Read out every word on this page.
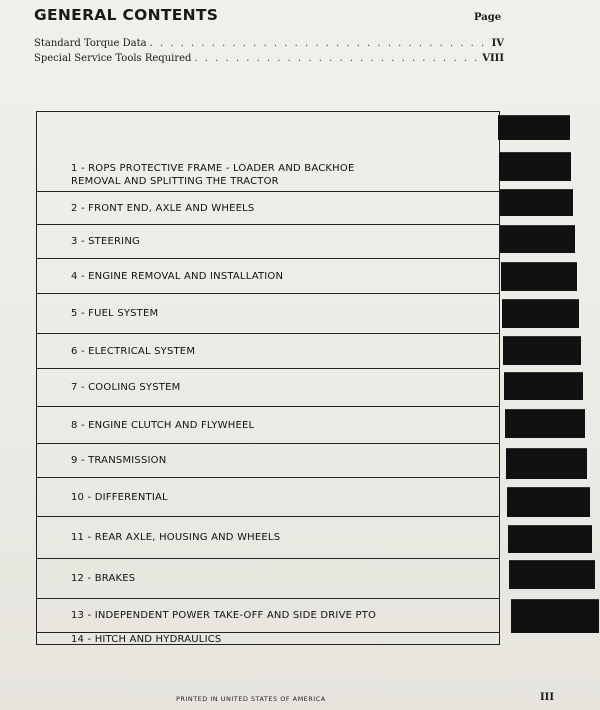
GENERAL CONTENTS	Page
Standard Torque Data . . .	IV
Special Service Tools Required . . .	VIII
1 - ROPS PROTECTIVE FRAME - LOADER AND BACKHOE
REMOVAL AND SPLITTING THE TRACTOR
2 - FRONT END, AXLE AND WHEELS
3 - STEERING
4 - ENGINE REMOVAL AND INSTALLATION
5 - FUEL SYSTEM
6 - ELECTRICAL SYSTEM
7 - COOLING SYSTEM
8 - ENGINE CLUTCH AND FLYWHEEL
9 - TRANSMISSION
10 - DIFFERENTIAL
11 - REAR AXLE, HOUSING AND WHEELS
12 - BRAKES
13 - INDEPENDENT POWER TAKE-OFF AND SIDE DRIVE PTO
14 - HITCH AND HYDRAULICS
PRINTED IN UNITED STATES OF AMERICA	III
